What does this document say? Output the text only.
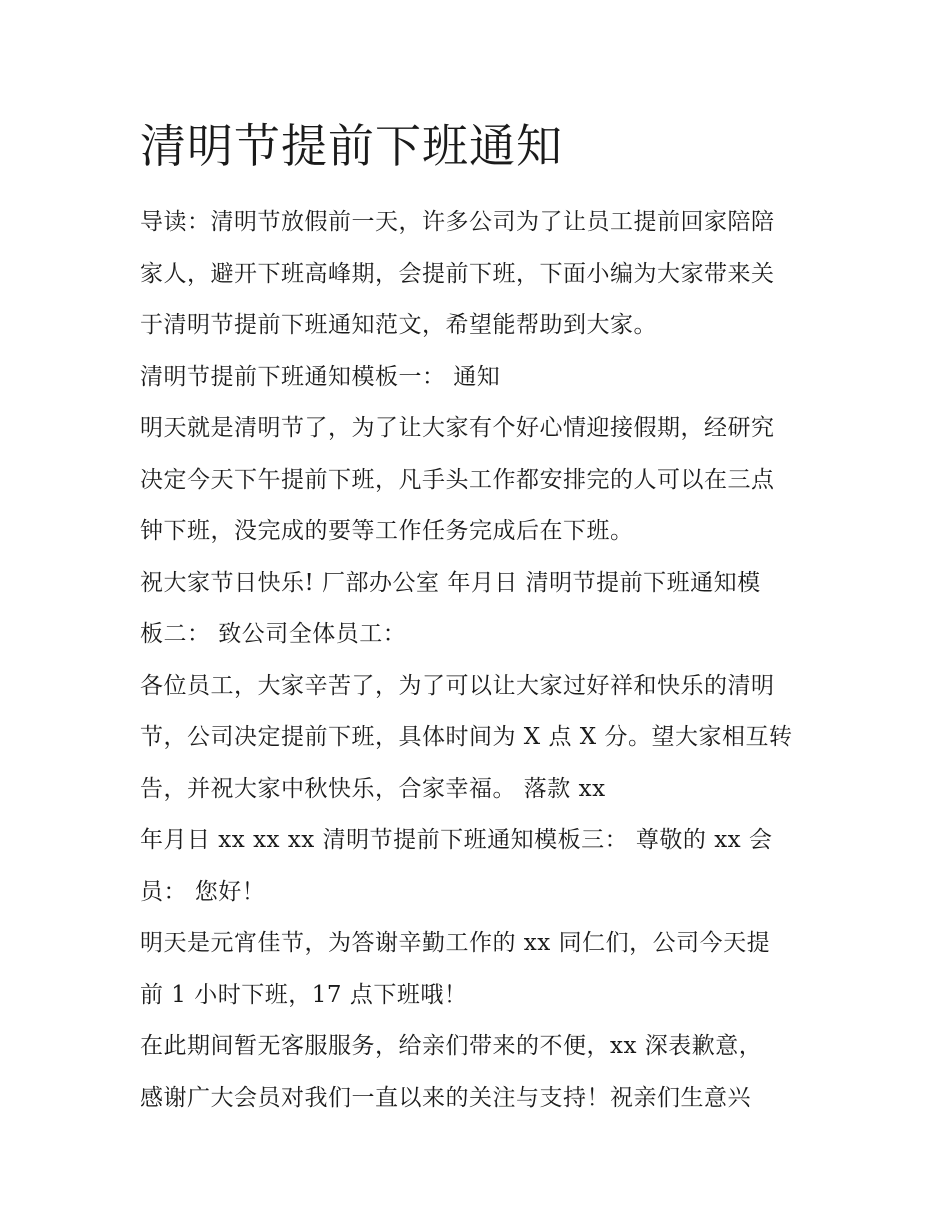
清明节提前下班通知
导读：清明节放假前一天，许多公司为了让员工提前回家陪陪
家人，避开下班高峰期，会提前下班，下面小编为大家带来关
于清明节提前下班通知范文，希望能帮助到大家。
清明节提前下班通知模板一： 通知
明天就是清明节了，为了让大家有个好心情迎接假期，经研究
决定今天下午提前下班，凡手头工作都安排完的人可以在三点
钟下班，没完成的要等工作任务完成后在下班。
祝大家节日快乐! 厂部办公室 年月日 清明节提前下班通知模
板二： 致公司全体员工：
各位员工，大家辛苦了，为了可以让大家过好祥和快乐的清明
节，公司决定提前下班，具体时间为 X 点 X 分。望大家相互转
告，并祝大家中秋快乐，合家幸福。 落款 xx
年月日 xx xx xx 清明节提前下班通知模板三： 尊敬的 xx 会
员： 您好！
明天是元宵佳节，为答谢辛勤工作的 xx 同仁们，公司今天提
前 1 小时下班，17 点下班哦！
在此期间暂无客服服务，给亲们带来的不便，xx 深表歉意，
感谢广大会员对我们一直以来的关注与支持！祝亲们生意兴
